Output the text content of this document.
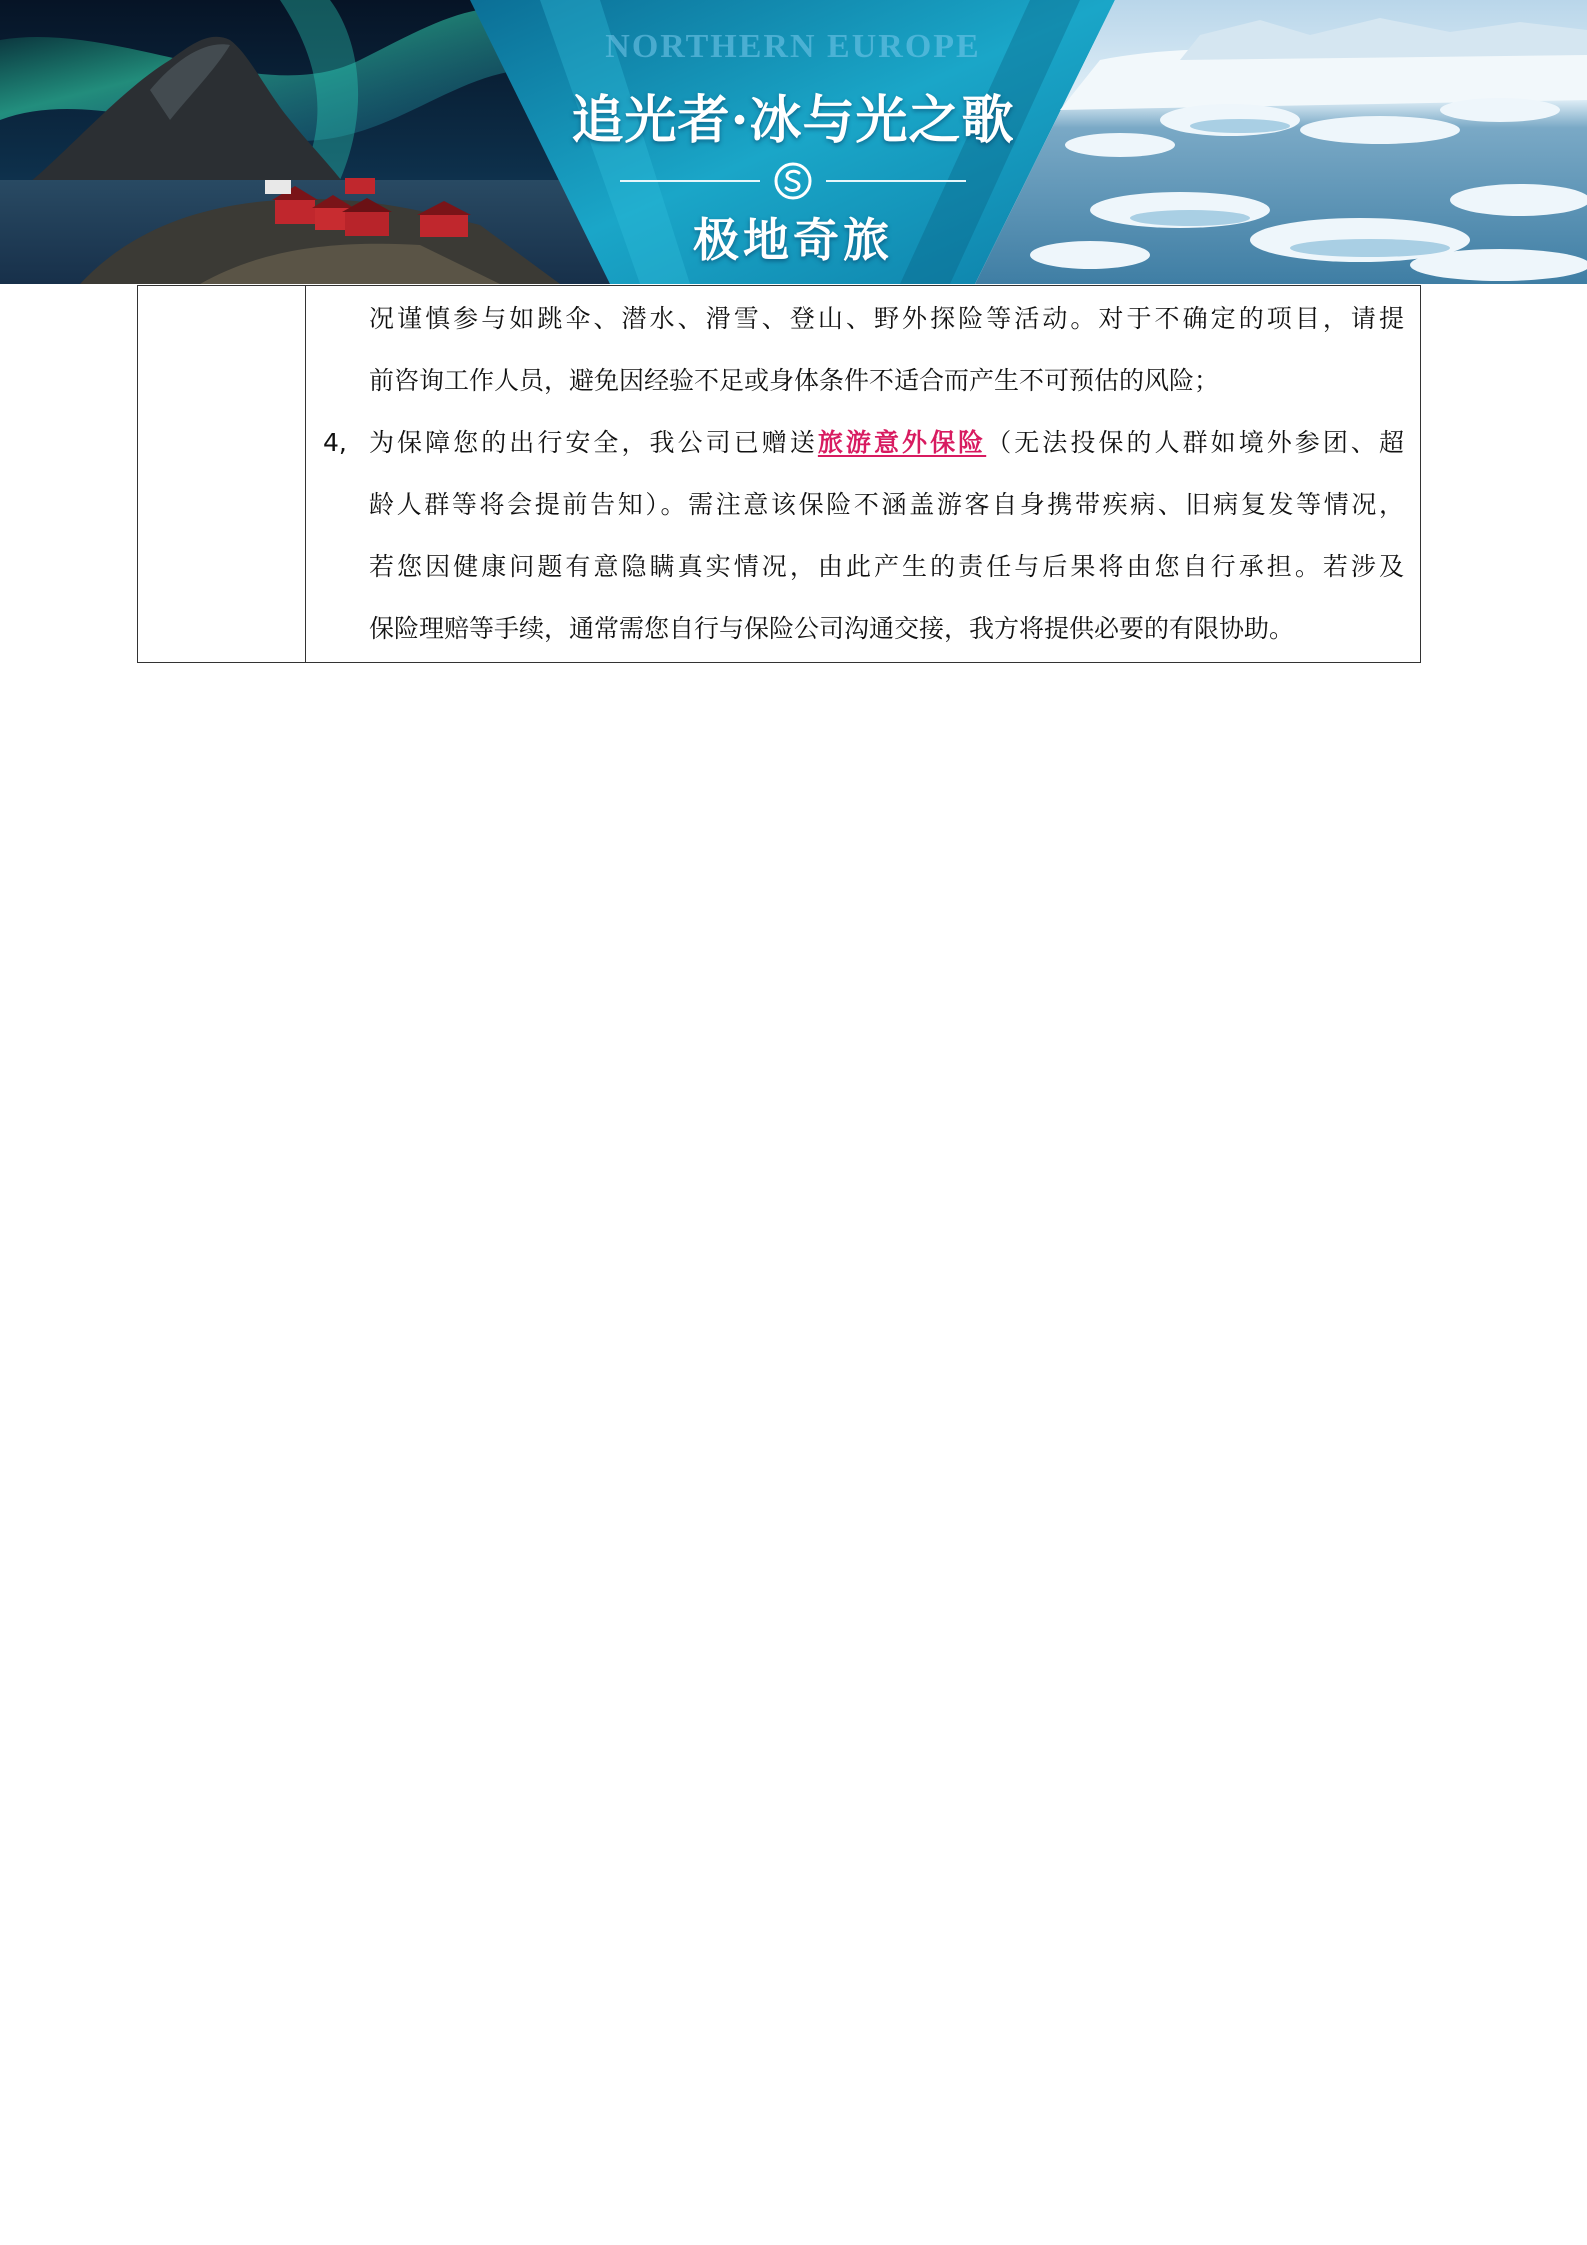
NORTHERN EUROPE
追光者·冰与光之歌
极地奇旅
况谨慎参与如跳伞、潜水、滑雪、登山、野外探险等活动。对于不确定的项目，请提
前咨询工作人员，避免因经验不足或身体条件不适合而产生不可预估的风险；
4, 为保障您的出行安全，我公司已赠送旅游意外保险（无法投保的人群如境外参团、超
龄人群等将会提前告知）。需注意该保险不涵盖游客自身携带疾病、旧病复发等情况，
若您因健康问题有意隐瞒真实情况，由此产生的责任与后果将由您自行承担。若涉及
保险理赔等手续，通常需您自行与保险公司沟通交接，我方将提供必要的有限协助。
